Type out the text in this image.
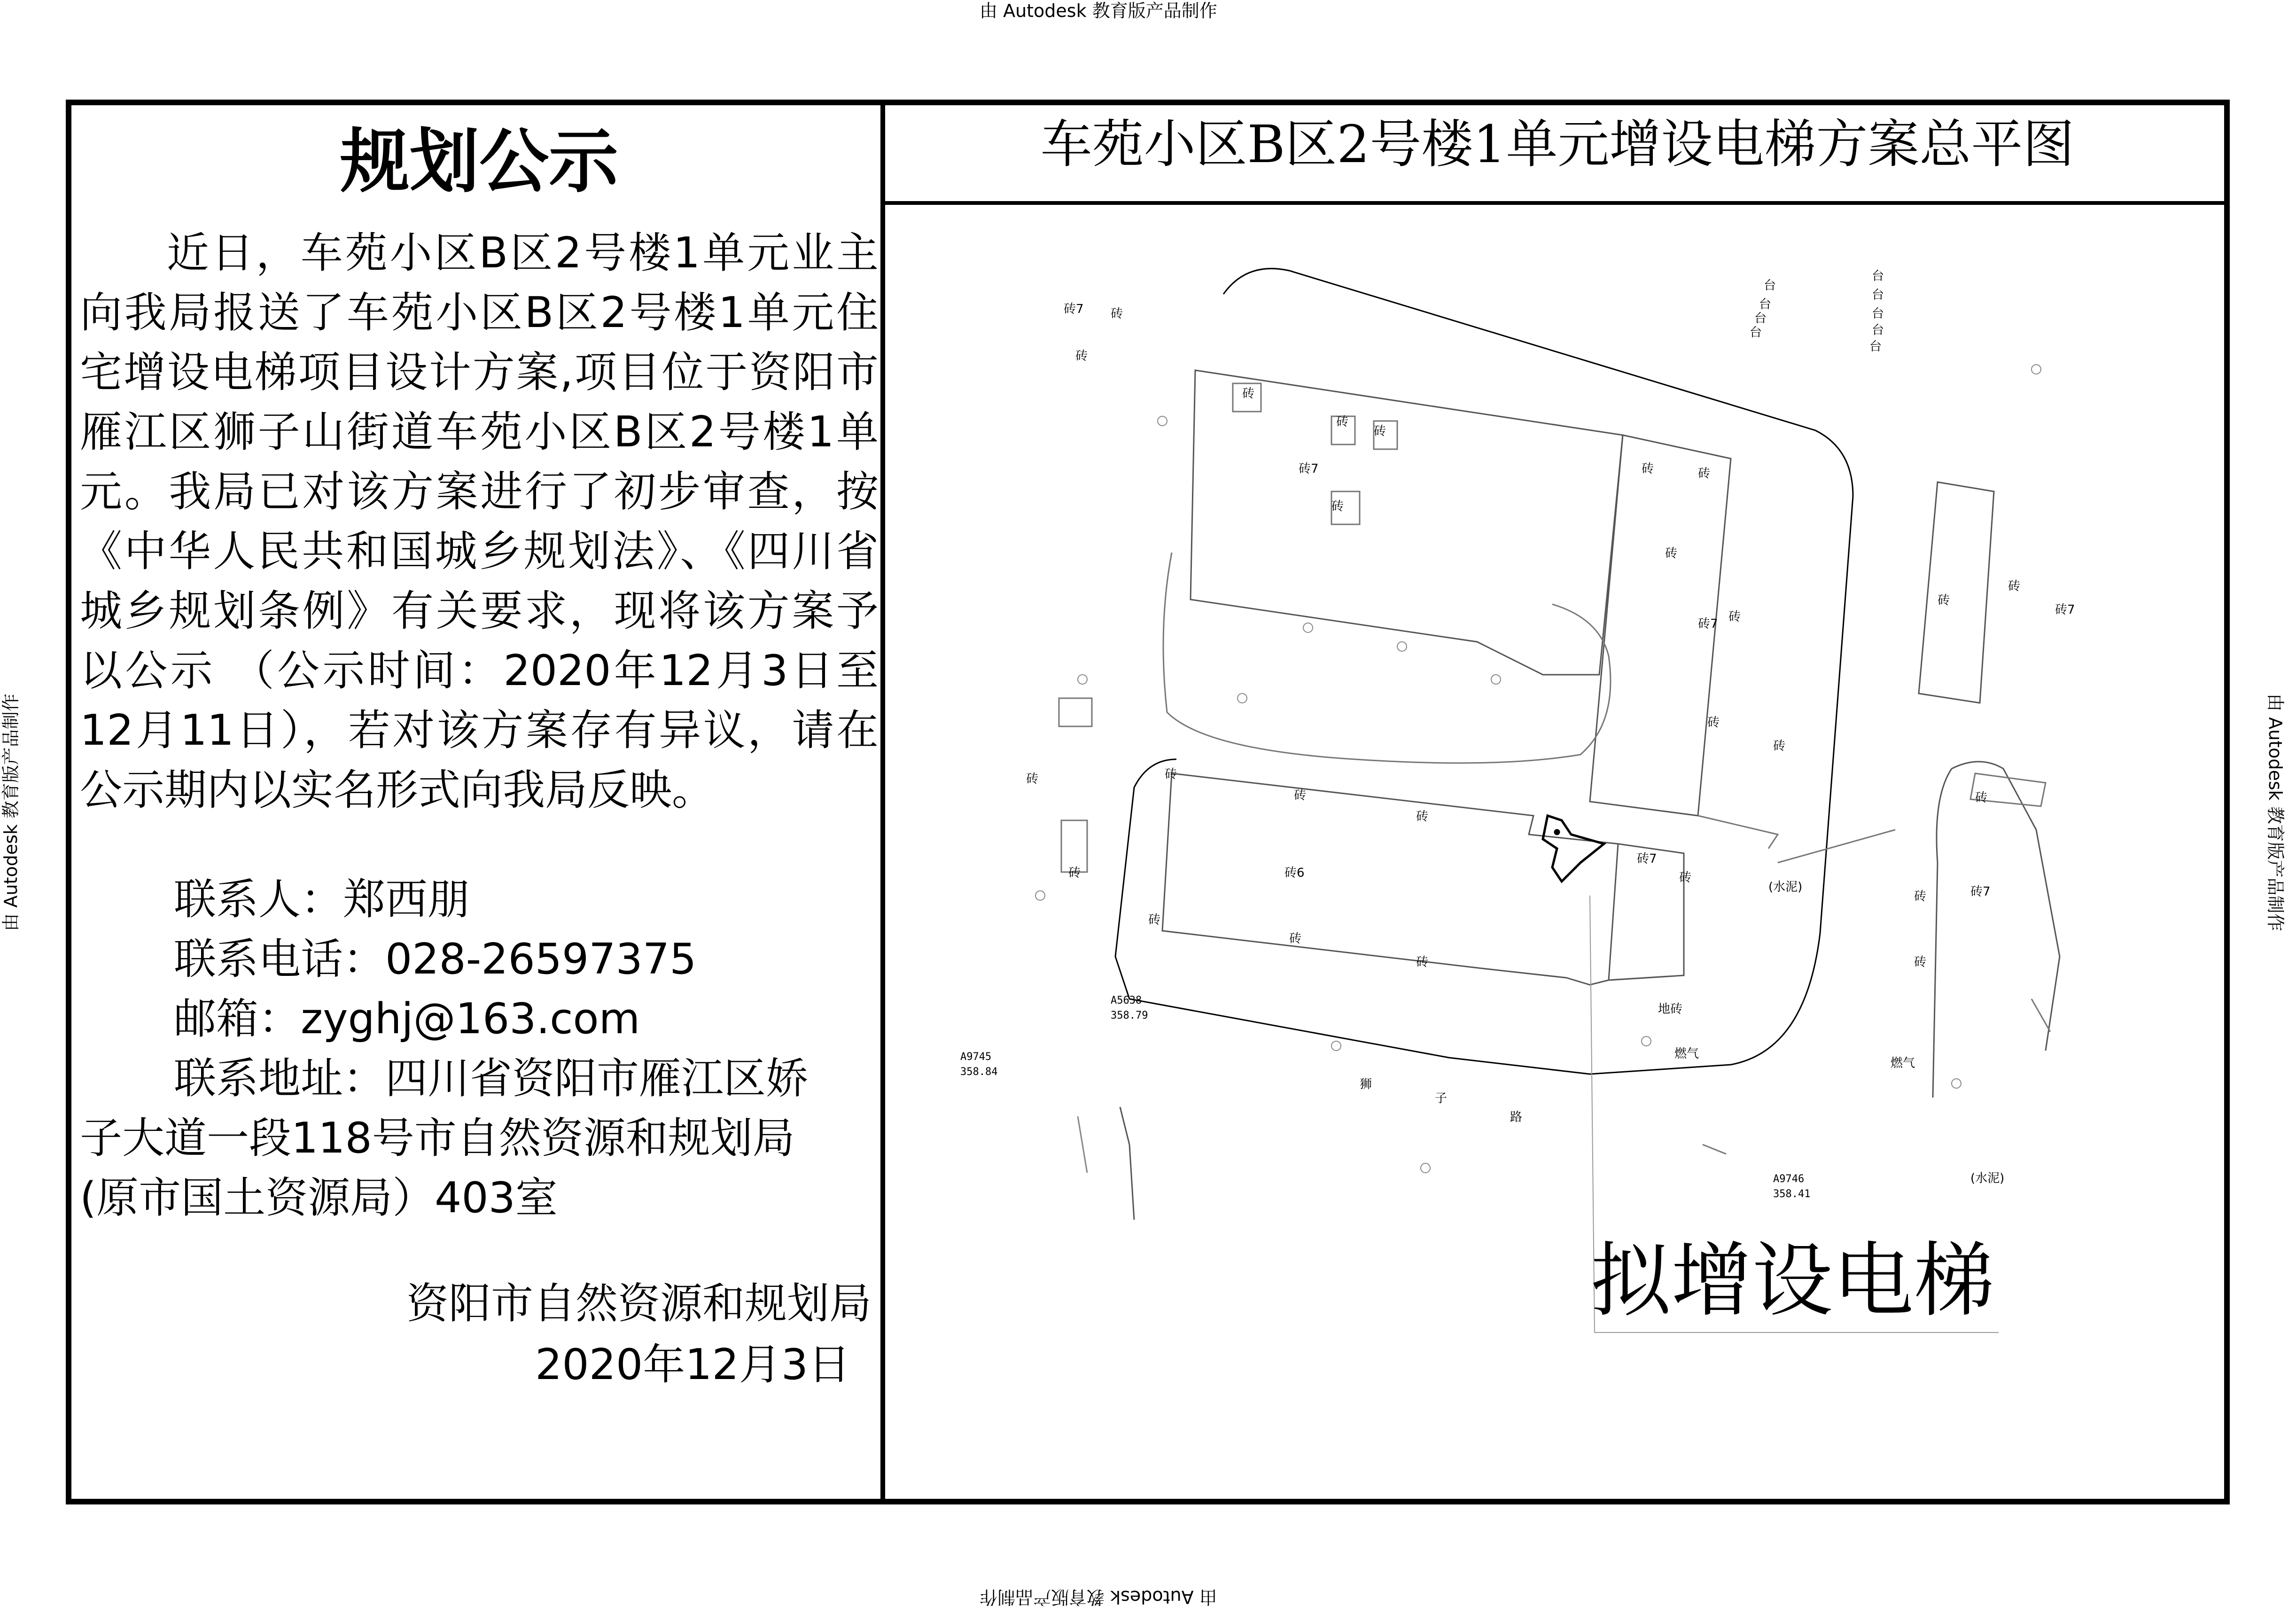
由 Autodesk 教育版产品制作
由 Autodesk 教育版产品制作
由 Autodesk 教育版产品制作	由 Autodesk 教育版产品制作
规划公示
近日，车苑小区B区2号楼1单元业主向我局报送了车苑小区B区2号楼1单元住宅增设电梯项目设计方案,项目位于资阳市雁江区狮子山街道车苑小区B区2号楼1单元。我局已对该方案进行了初步审查，按《中华人民共和国城乡规划法》、《四川省城乡规划条例》有关要求，现将该方案予以公示 （公示时间：2020年12月3日至12月11日），若对该方案存有异议，请在公示期内以实名形式向我局反映。
联系人：郑西朋
联系电话：028-26597375
邮箱：zyghj@163.com
联系地址：四川省资阳市雁江区娇
子大道一段118号市自然资源和规划局
(原市国土资源局）403室
资阳市自然资源和规划局
2020年12月3日
车苑小区B区2号楼1单元增设电梯方案总平图
砖7 砖
砖
砖
砖
砖
砖7
砖
砖	砖
砖
砖7 砖
砖
砖
砖
砖
砖7
砖	砖
砖
砖
砖6
砖
砖
砖
砖
砖7
砖
砖
砖	砖7
砖
台
台
台
台
台
台
台
台
台
(水泥)
(水泥)
地砖
燃气
燃气
狮
子
路
A5638
358.79
A9745
358.84
A9746
358.41
拟增设电梯
